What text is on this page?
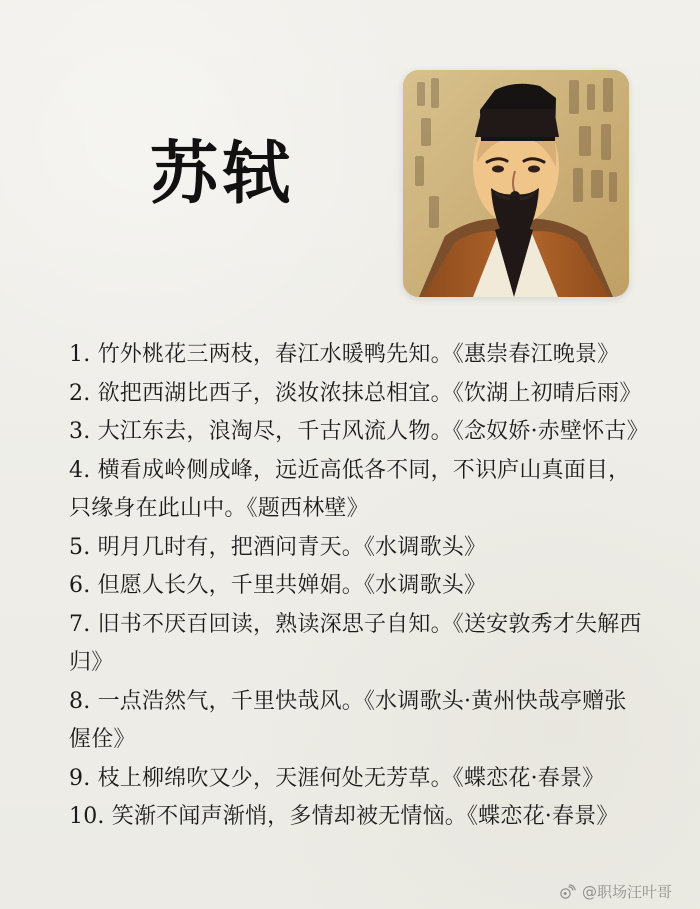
苏轼
1. 竹外桃花三两枝，春江水暖鸭先知。《惠崇春江晚景》
2. 欲把西湖比西子，淡妆浓抹总相宜。《饮湖上初晴后雨》
3. 大江东去，浪淘尽，千古风流人物。《念奴娇·赤壁怀古》
4. 横看成岭侧成峰，远近高低各不同，不识庐山真面目，只缘身在此山中。《题西林壁》
5. 明月几时有，把酒问青天。《水调歌头》
6. 但愿人长久，千里共婵娟。《水调歌头》
7. 旧书不厌百回读，熟读深思子自知。《送安敦秀才失解西归》
8. 一点浩然气，千里快哉风。《水调歌头·黄州快哉亭赠张偓佺》
9. 枝上柳绵吹又少，天涯何处无芳草。《蝶恋花·春景》
10. 笑渐不闻声渐悄，多情却被无情恼。《蝶恋花·春景》
@职场汪叶哥
